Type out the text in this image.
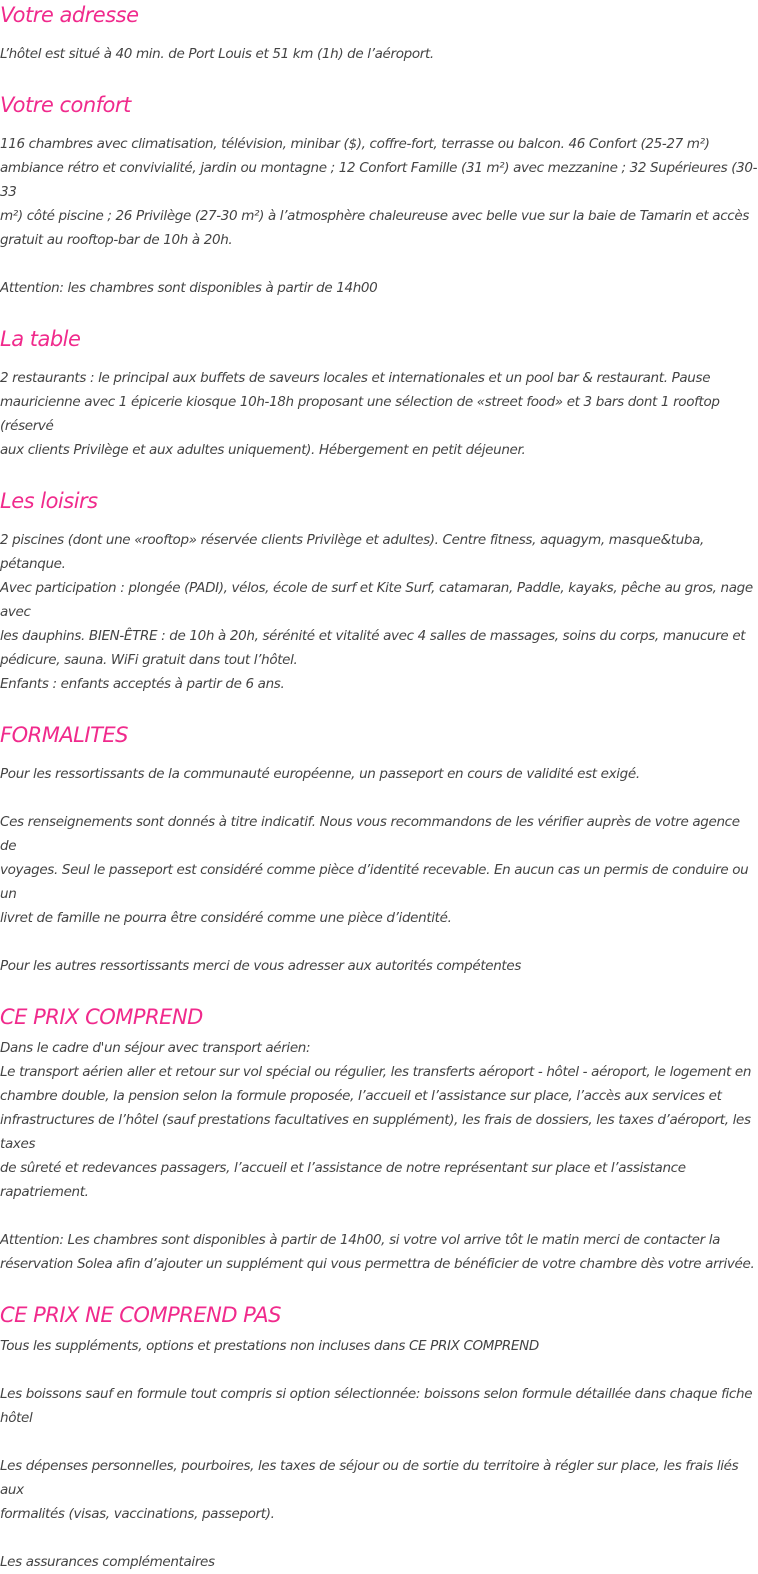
Votre adresse

L’hôtel est situé à 40 min. de Port Louis et 51 km (1h) de l’aéroport.

Votre confort

116 chambres avec climatisation, télévision, minibar ($), coffre-fort, terrasse ou balcon. 46 Confort (25-27 m²)

ambiance rétro et convivialité, jardin ou montagne ; 12 Confort Famille (31 m²) avec mezzanine ; 32 Supérieures (30-33

m²) côté piscine ; 26 Privilège (27-30 m²) à l’atmosphère chaleureuse avec belle vue sur la baie de Tamarin et accès

gratuit au rooftop-bar de 10h à 20h.

Attention: les chambres sont disponibles à partir de 14h00

La table

2 restaurants : le principal aux buffets de saveurs locales et internationales et un pool bar & restaurant. Pause

mauricienne avec 1 épicerie kiosque 10h-18h proposant une sélection de «street food» et 3 bars dont 1 rooftop (réservé

aux clients Privilège et aux adultes uniquement). Hébergement en petit déjeuner.

Les loisirs

2 piscines (dont une «rooftop» réservée clients Privilège et adultes). Centre fitness, aquagym, masque&tuba, pétanque.

Avec participation : plongée (PADI), vélos, école de surf et Kite Surf, catamaran, Paddle, kayaks, pêche au gros, nage avec

les dauphins. BIEN-ÊTRE : de 10h à 20h, sérénité et vitalité avec 4 salles de massages, soins du corps, manucure et

pédicure, sauna. WiFi gratuit dans tout l’hôtel.

Enfants : enfants acceptés à partir de 6 ans.

FORMALITES

Pour les ressortissants de la communauté européenne, un passeport en cours de validité est exigé.

Ces renseignements sont donnés à titre indicatif. Nous vous recommandons de les vérifier auprès de votre agence de

voyages. Seul le passeport est considéré comme pièce d’identité recevable. En aucun cas un permis de conduire ou un

livret de famille ne pourra être considéré comme une pièce d’identité.

Pour les autres ressortissants merci de vous adresser aux autorités compétentes

CE PRIX COMPREND

Dans le cadre d'un séjour avec transport aérien:

Le transport aérien aller et retour sur vol spécial ou régulier, les transferts aéroport - hôtel - aéroport, le logement en

chambre double, la pension selon la formule proposée, l’accueil et l’assistance sur place, l’accès aux services et

infrastructures de l’hôtel (sauf prestations facultatives en supplément), les frais de dossiers, les taxes d’aéroport, les taxes

de sûreté et redevances passagers, l’accueil et l’assistance de notre représentant sur place et l’assistance rapatriement.

Attention: Les chambres sont disponibles à partir de 14h00, si votre vol arrive tôt le matin merci de contacter la

réservation Solea afin d’ajouter un supplément qui vous permettra de bénéficier de votre chambre dès votre arrivée.

CE PRIX NE COMPREND PAS

Tous les suppléments, options et prestations non incluses dans CE PRIX COMPREND

Les boissons sauf en formule tout compris si option sélectionnée: boissons selon formule détaillée dans chaque fiche

hôtel

Les dépenses personnelles, pourboires, les taxes de séjour ou de sortie du territoire à régler sur place, les frais liés aux

formalités (visas, vaccinations, passeport).

Les assurances complémentaires
